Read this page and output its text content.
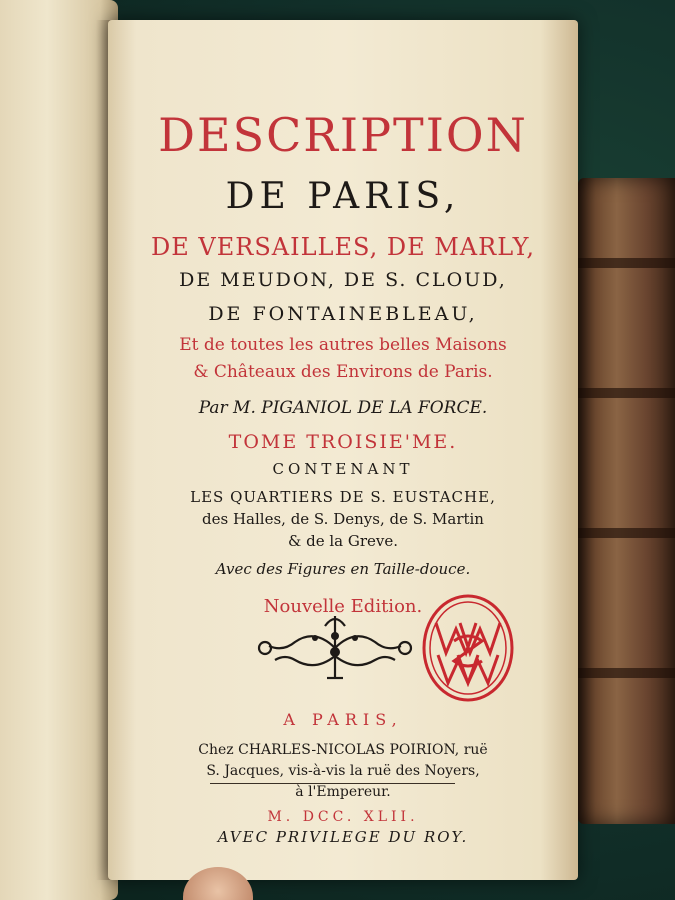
DESCRIPTION
DE PARIS,
DE VERSAILLES, DE MARLY,
DE MEUDON, DE S. CLOUD,
DE FONTAINEBLEAU,
Et de toutes les autres belles Maisons
& Châteaux des Environs de Paris.
Par M. PIGANIOL DE LA FORCE.
TOME TROISIE'ME.
CONTENANT
LES QUARTIERS DE S. EUSTACHE,
des Halles, de S. Denys, de S. Martin
& de la Greve.
Avec des Figures en Taille-douce.
Nouvelle Edition.
A PARIS,
Chez CHARLES-NICOLAS POIRION, ruë
S. Jacques, vis-à-vis la ruë des Noyers,
à l'Empereur.
M. DCC. XLII.
AVEC PRIVILEGE DU ROY.
